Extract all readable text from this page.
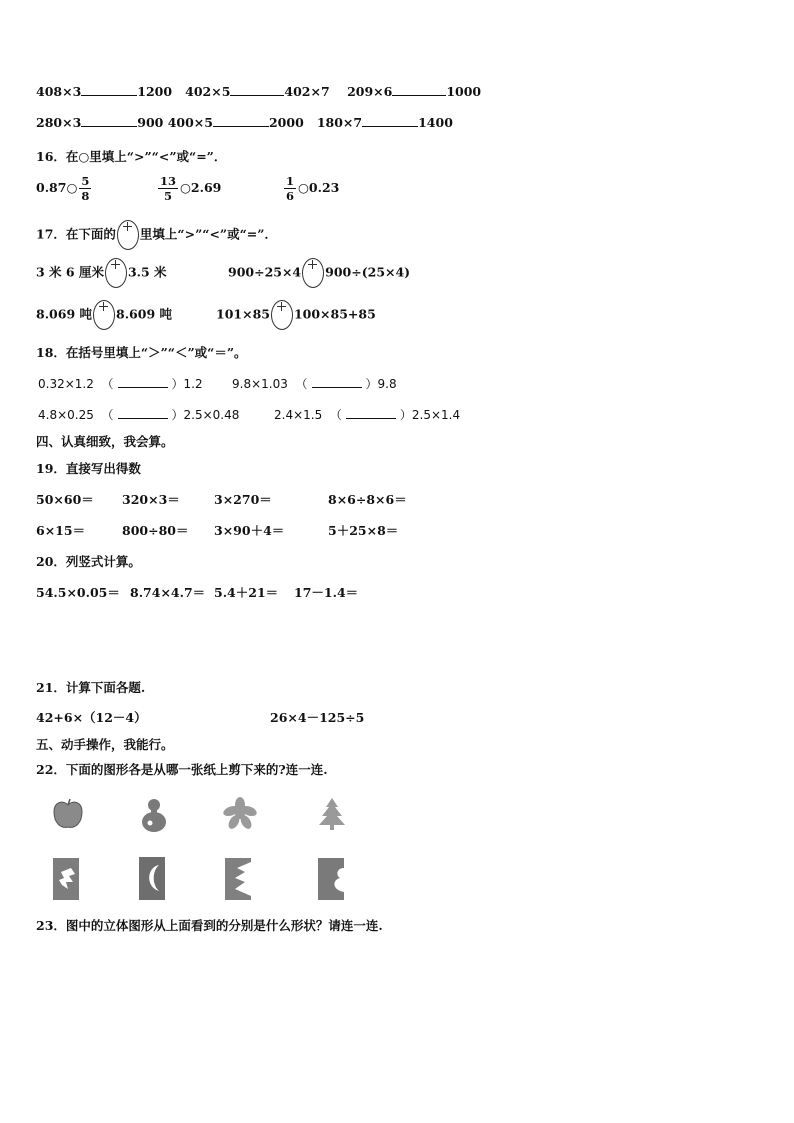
408×3	1200 402×5	402×7 209×6	1000
280×3	900 400×5	2000 180×7	1400
16．在○里填上“>”“<”或“=”．
0.87○ $\frac{5}{8}$	$\frac{13}{5}$ ○2.69	$\frac{1}{6}$ ○0.23
17．在下面的 里填上“>”“<”或“=”．
3 米 6 厘米 3.5 米	900÷25×4 900÷(25×4)
8.069 吨 8.609 吨	101×85 100×85+85
18．在括号里填上“＞”“＜”或“＝”。
0.32×1.2 （	）1.2 9.8×1.03 （	）9.8
4.8×0.25 （	）2.5×0.48	2.4×1.5 （	）2.5×1.4
四、认真细致，我会算。
19．直接写出得数
50×60＝ 320×3＝	3×270＝	8×6÷8×6＝
6×15＝	800÷80＝ 3×90＋4＝	5＋25×8＝
20．列竖式计算。
54.5×0.05＝ 8.74×4.7＝ 5.4＋21＝ 17－1.4＝
21．计算下面各题.
42+6×（12－4）	26×4－125÷5
五、动手操作，我能行。
22．下面的图形各是从哪一张纸上剪下来的?连一连.
23．图中的立体图形从上面看到的分别是什么形状？请连一连.
